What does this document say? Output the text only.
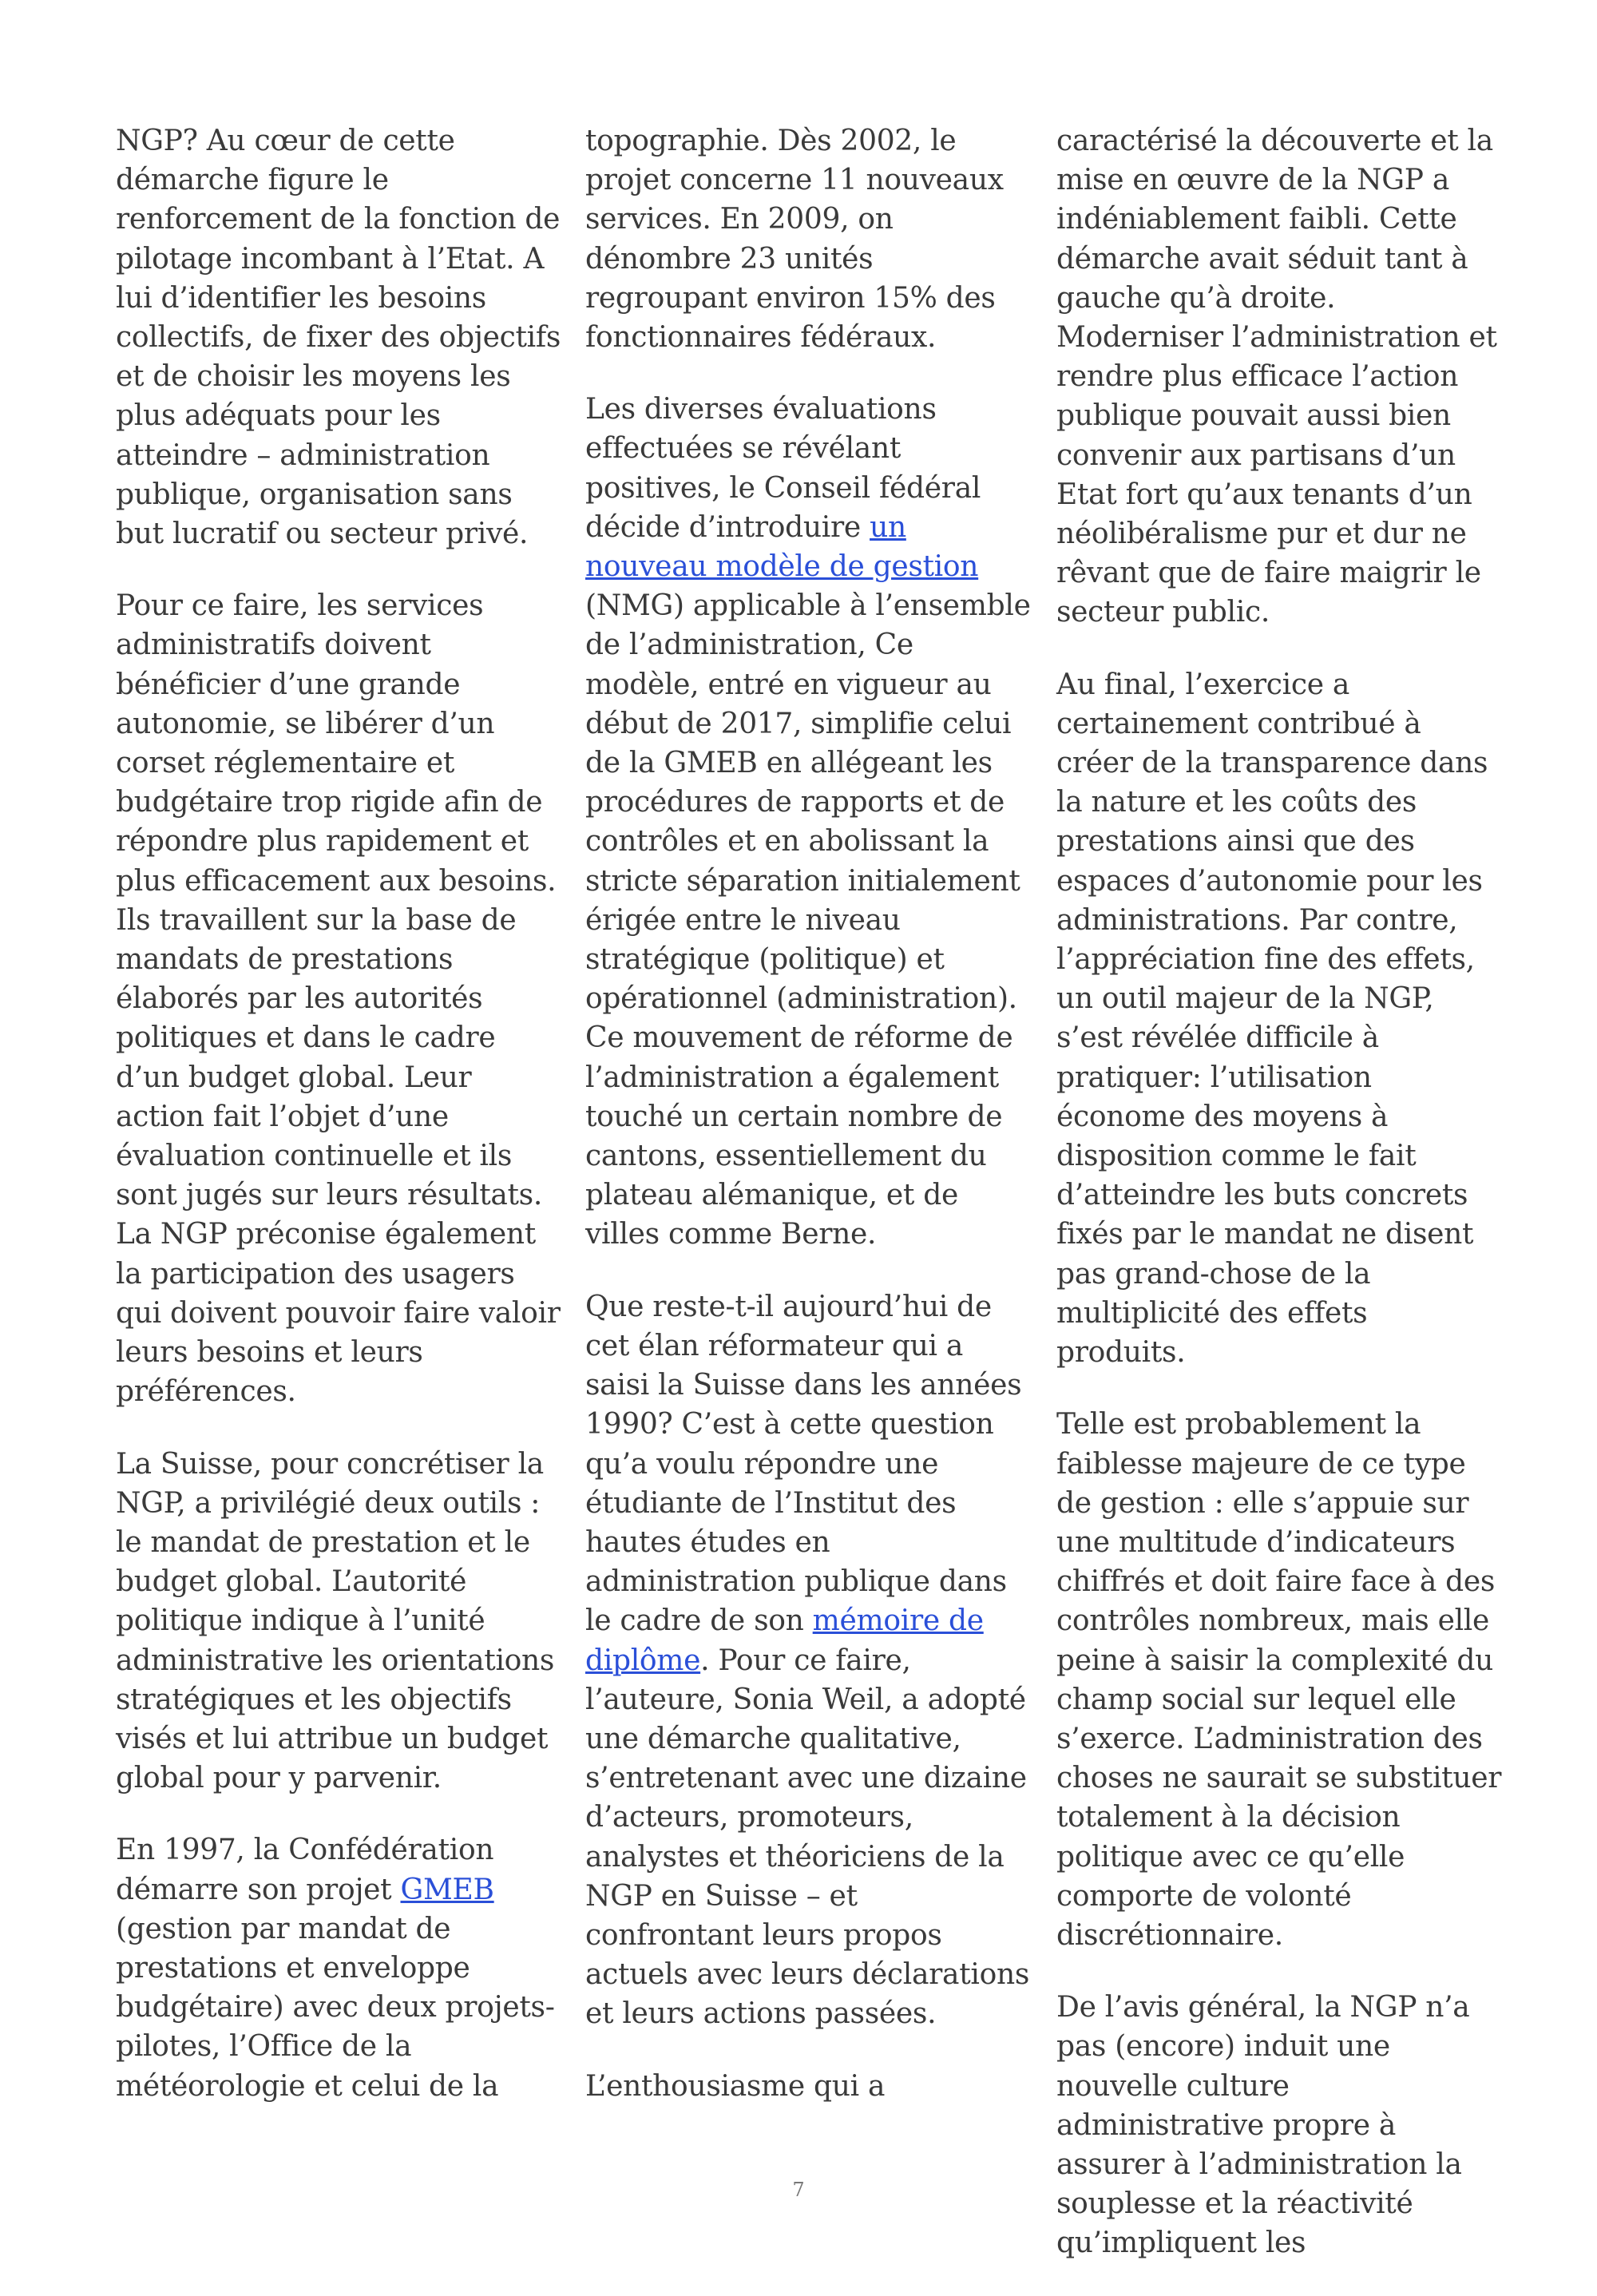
NGP? Au cœur de cette démarche figure le renforcement de la fonction de pilotage incombant à l’Etat. A lui d’identifier les besoins collectifs, de fixer des objectifs et de choisir les moyens les plus adéquats pour les atteindre – administration publique, organisation sans but lucratif ou secteur privé.

Pour ce faire, les services administratifs doivent bénéficier d’une grande autonomie, se libérer d’un corset réglementaire et budgétaire trop rigide afin de répondre plus rapidement et plus efficacement aux besoins. Ils travaillent sur la base de mandats de prestations élaborés par les autorités politiques et dans le cadre d’un budget global. Leur action fait l’objet d’une évaluation continuelle et ils sont jugés sur leurs résultats. La NGP préconise également la participation des usagers qui doivent pouvoir faire valoir leurs besoins et leurs préférences.

La Suisse, pour concrétiser la NGP, a privilégié deux outils : le mandat de prestation et le budget global. L’autorité politique indique à l’unité administrative les orientations stratégiques et les objectifs visés et lui attribue un budget global pour y parvenir.

En 1997, la Confédération démarre son projet GMEB (gestion par mandat de prestations et enveloppe budgétaire) avec deux projets-pilotes, l’Office de la météorologie et celui de la

topographie. Dès 2002, le projet concerne 11 nouveaux services. En 2009, on dénombre 23 unités regroupant environ 15% des fonctionnaires fédéraux.

Les diverses évaluations effectuées se révélant positives, le Conseil fédéral décide d’introduire un nouveau modèle de gestion (NMG) applicable à l’ensemble de l’administration, Ce modèle, entré en vigueur au début de 2017, simplifie celui de la GMEB en allégeant les procédures de rapports et de contrôles et en abolissant la stricte séparation initialement érigée entre le niveau stratégique (politique) et opérationnel (administration). Ce mouvement de réforme de l’administration a également touché un certain nombre de cantons, essentiellement du plateau alémanique, et de villes comme Berne.

Que reste-t-il aujourd’hui de cet élan réformateur qui a saisi la Suisse dans les années 1990? C’est à cette question qu’a voulu répondre une étudiante de l’Institut des hautes études en administration publique dans le cadre de son mémoire de diplôme. Pour ce faire, l’auteure, Sonia Weil, a adopté une démarche qualitative, s’entretenant avec une dizaine d’acteurs, promoteurs, analystes et théoriciens de la NGP en Suisse – et confrontant leurs propos actuels avec leurs déclarations et leurs actions passées.

L’enthousiasme qui a

caractérisé la découverte et la mise en œuvre de la NGP a indéniablement faibli. Cette démarche avait séduit tant à gauche qu’à droite. Moderniser l’administration et rendre plus efficace l’action publique pouvait aussi bien convenir aux partisans d’un Etat fort qu’aux tenants d’un néolibéralisme pur et dur ne rêvant que de faire maigrir le secteur public.

Au final, l’exercice a certainement contribué à créer de la transparence dans la nature et les coûts des prestations ainsi que des espaces d’autonomie pour les administrations. Par contre, l’appréciation fine des effets, un outil majeur de la NGP, s’est révélée difficile à pratiquer: l’utilisation économe des moyens à disposition comme le fait d’atteindre les buts concrets fixés par le mandat ne disent pas grand-chose de la multiplicité des effets produits.

Telle est probablement la faiblesse majeure de ce type de gestion : elle s’appuie sur une multitude d’indicateurs chiffrés et doit faire face à des contrôles nombreux, mais elle peine à saisir la complexité du champ social sur lequel elle s’exerce. L’administration des choses ne saurait se substituer totalement à la décision politique avec ce qu’elle comporte de volonté discrétionnaire.

De l’avis général, la NGP n’a pas (encore) induit une nouvelle culture administrative propre à assurer à l’administration la souplesse et la réactivité qu’impliquent les

7
